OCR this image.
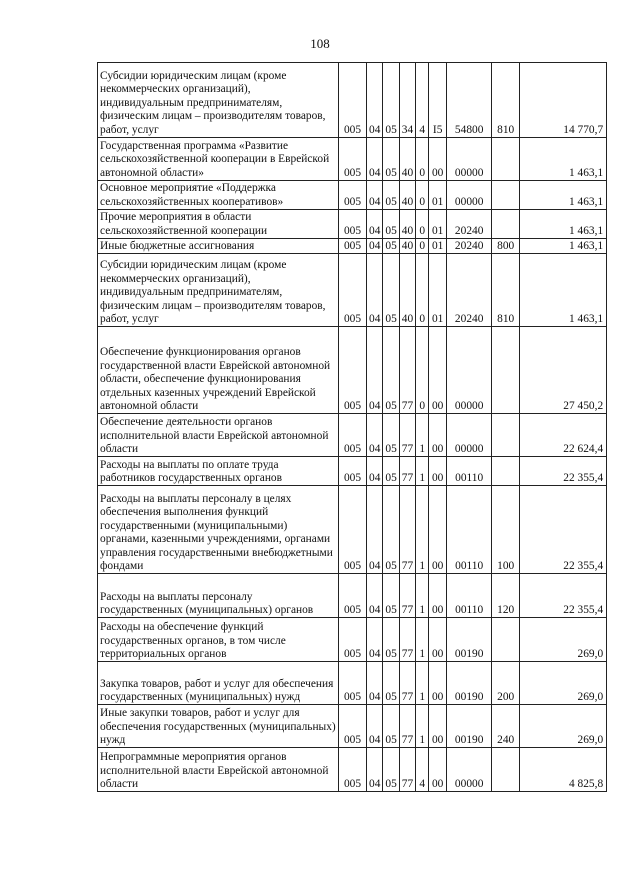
108
Субсидии юридическим лицам (кроме некоммерческих организаций), индивидуальным предпринимателям, физическим лицам – производителям товаров, работ, услуг	005	04	05	34	4	I5	54800	810	14 770,7
Государственная программа «Развитие сельскохозяйственной кооперации в Еврейской автономной области»	005	04	05	40	0	00	00000		1 463,1
Основное мероприятие «Поддержка сельскохозяйственных кооперативов»	005	04	05	40	0	01	00000		1 463,1
Прочие мероприятия в области сельскохозяйственной кооперации	005	04	05	40	0	01	20240		1 463,1
Иные бюджетные ассигнования	005	04	05	40	0	01	20240	800	1 463,1
Субсидии юридическим лицам (кроме некоммерческих организаций), индивидуальным предпринимателям, физическим лицам – производителям товаров, работ, услуг	005	04	05	40	0	01	20240	810	1 463,1
Обеспечение функционирования органов государственной власти Еврейской автономной области, обеспечение функционирования отдельных казенных учреждений Еврейской автономной области	005	04	05	77	0	00	00000		27 450,2
Обеспечение деятельности органов исполнительной власти Еврейской автономной области	005	04	05	77	1	00	00000		22 624,4
Расходы на выплаты по оплате труда работников государственных органов	005	04	05	77	1	00	00110		22 355,4
Расходы на выплаты персоналу в целях обеспечения выполнения функций государственными (муниципальными) органами, казенными учреждениями, органами управления государственными внебюджетными фондами	005	04	05	77	1	00	00110	100	22 355,4
Расходы на выплаты персоналу государственных (муниципальных) органов	005	04	05	77	1	00	00110	120	22 355,4
Расходы на обеспечение функций государственных органов, в том числе территориальных органов	005	04	05	77	1	00	00190		269,0
Закупка товаров, работ и услуг для обеспечения государственных (муниципальных) нужд	005	04	05	77	1	00	00190	200	269,0
Иные закупки товаров, работ и услуг для обеспечения государственных (муниципальных) нужд	005	04	05	77	1	00	00190	240	269,0
Непрограммные мероприятия органов исполнительной власти Еврейской автономной области	005	04	05	77	4	00	00000		4 825,8
